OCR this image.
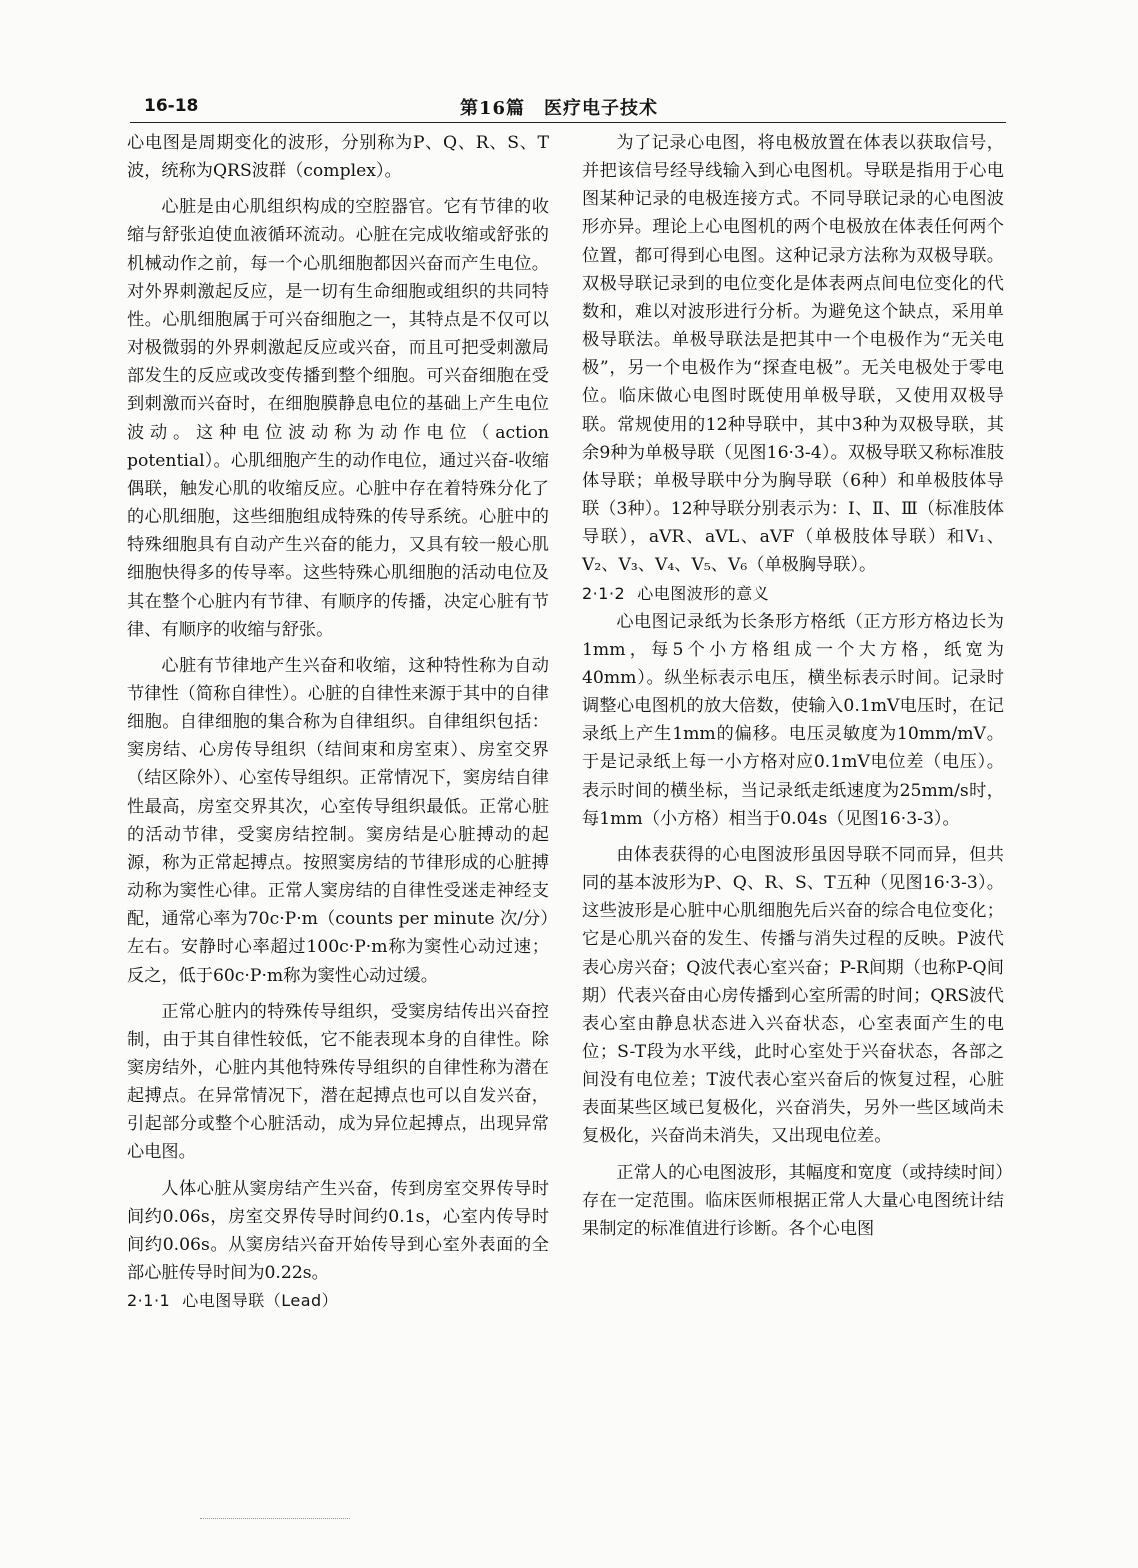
16-18	第16篇　医疗电子技术

心电图是周期变化的波形，分别称为P、Q、R、S、T波，统称为QRS波群（complex）。

心脏是由心肌组织构成的空腔器官。它有节律的收缩与舒张迫使血液循环流动。心脏在完成收缩或舒张的机械动作之前，每一个心肌细胞都因兴奋而产生电位。对外界刺激起反应，是一切有生命细胞或组织的共同特性。心肌细胞属于可兴奋细胞之一，其特点是不仅可以对极微弱的外界刺激起反应或兴奋，而且可把受刺激局部发生的反应或改变传播到整个细胞。可兴奋细胞在受到刺激而兴奋时，在细胞膜静息电位的基础上产生电位波动。这种电位波动称为动作电位（action potential）。心肌细胞产生的动作电位，通过兴奋-收缩偶联，触发心肌的收缩反应。心脏中存在着特殊分化了的心肌细胞，这些细胞组成特殊的传导系统。心脏中的特殊细胞具有自动产生兴奋的能力，又具有较一般心肌细胞快得多的传导率。这些特殊心肌细胞的活动电位及其在整个心脏内有节律、有顺序的传播，决定心脏有节律、有顺序的收缩与舒张。

心脏有节律地产生兴奋和收缩，这种特性称为自动节律性（简称自律性）。心脏的自律性来源于其中的自律细胞。自律细胞的集合称为自律组织。自律组织包括：窦房结、心房传导组织（结间束和房室束）、房室交界（结区除外）、心室传导组织。正常情况下，窦房结自律性最高，房室交界其次，心室传导组织最低。正常心脏的活动节律，受窦房结控制。窦房结是心脏搏动的起源，称为正常起搏点。按照窦房结的节律形成的心脏搏动称为窦性心律。正常人窦房结的自律性受迷走神经支配，通常心率为70c·P·m（counts per minute 次/分）左右。安静时心率超过100c·P·m称为窦性心动过速；反之，低于60c·P·m称为窦性心动过缓。

正常心脏内的特殊传导组织，受窦房结传出兴奋控制，由于其自律性较低，它不能表现本身的自律性。除窦房结外，心脏内其他特殊传导组织的自律性称为潜在起搏点。在异常情况下，潜在起搏点也可以自发兴奋，引起部分或整个心脏活动，成为异位起搏点，出现异常心电图。

人体心脏从窦房结产生兴奋，传到房室交界传导时间约0.06s，房室交界传导时间约0.1s，心室内传导时间约0.06s。从窦房结兴奋开始传导到心室外表面的全部心脏传导时间为0.22s。

2·1·1 心电图导联（Lead）

为了记录心电图，将电极放置在体表以获取信号，并把该信号经导线输入到心电图机。导联是指用于心电图某种记录的电极连接方式。不同导联记录的心电图波形亦异。理论上心电图机的两个电极放在体表任何两个位置，都可得到心电图。这种记录方法称为双极导联。双极导联记录到的电位变化是体表两点间电位变化的代数和，难以对波形进行分析。为避免这个缺点，采用单极导联法。单极导联法是把其中一个电极作为“无关电极”，另一个电极作为“探查电极”。无关电极处于零电位。临床做心电图时既使用单极导联，又使用双极导联。常规使用的12种导联中，其中3种为双极导联，其余9种为单极导联（见图16·3-4）。双极导联又称标准肢体导联；单极导联中分为胸导联（6种）和单极肢体导联（3种）。12种导联分别表示为：Ⅰ、Ⅱ、Ⅲ（标准肢体导联），aVR、aVL、aVF（单极肢体导联）和V₁、V₂、V₃、V₄、V₅、V₆（单极胸导联）。

2·1·2 心电图波形的意义

心电图记录纸为长条形方格纸（正方形方格边长为1mm，每5个小方格组成一个大方格，纸宽为40mm）。纵坐标表示电压，横坐标表示时间。记录时调整心电图机的放大倍数，使输入0.1mV电压时，在记录纸上产生1mm的偏移。电压灵敏度为10mm/mV。于是记录纸上每一小方格对应0.1mV电位差（电压）。表示时间的横坐标，当记录纸走纸速度为25mm/s时，每1mm（小方格）相当于0.04s（见图16·3-3）。

由体表获得的心电图波形虽因导联不同而异，但共同的基本波形为P、Q、R、S、T五种（见图16·3-3）。这些波形是心脏中心肌细胞先后兴奋的综合电位变化；它是心肌兴奋的发生、传播与消失过程的反映。P波代表心房兴奋；Q波代表心室兴奋；P-R间期（也称P-Q间期）代表兴奋由心房传播到心室所需的时间；QRS波代表心室由静息状态进入兴奋状态，心室表面产生的电位；S-T段为水平线，此时心室处于兴奋状态，各部之间没有电位差；T波代表心室兴奋后的恢复过程，心脏表面某些区域已复极化，兴奋消失，另外一些区域尚未复极化，兴奋尚未消失，又出现电位差。

正常人的心电图波形，其幅度和宽度（或持续时间）存在一定范围。临床医师根据正常人大量心电图统计结果制定的标准值进行诊断。各个心电图
